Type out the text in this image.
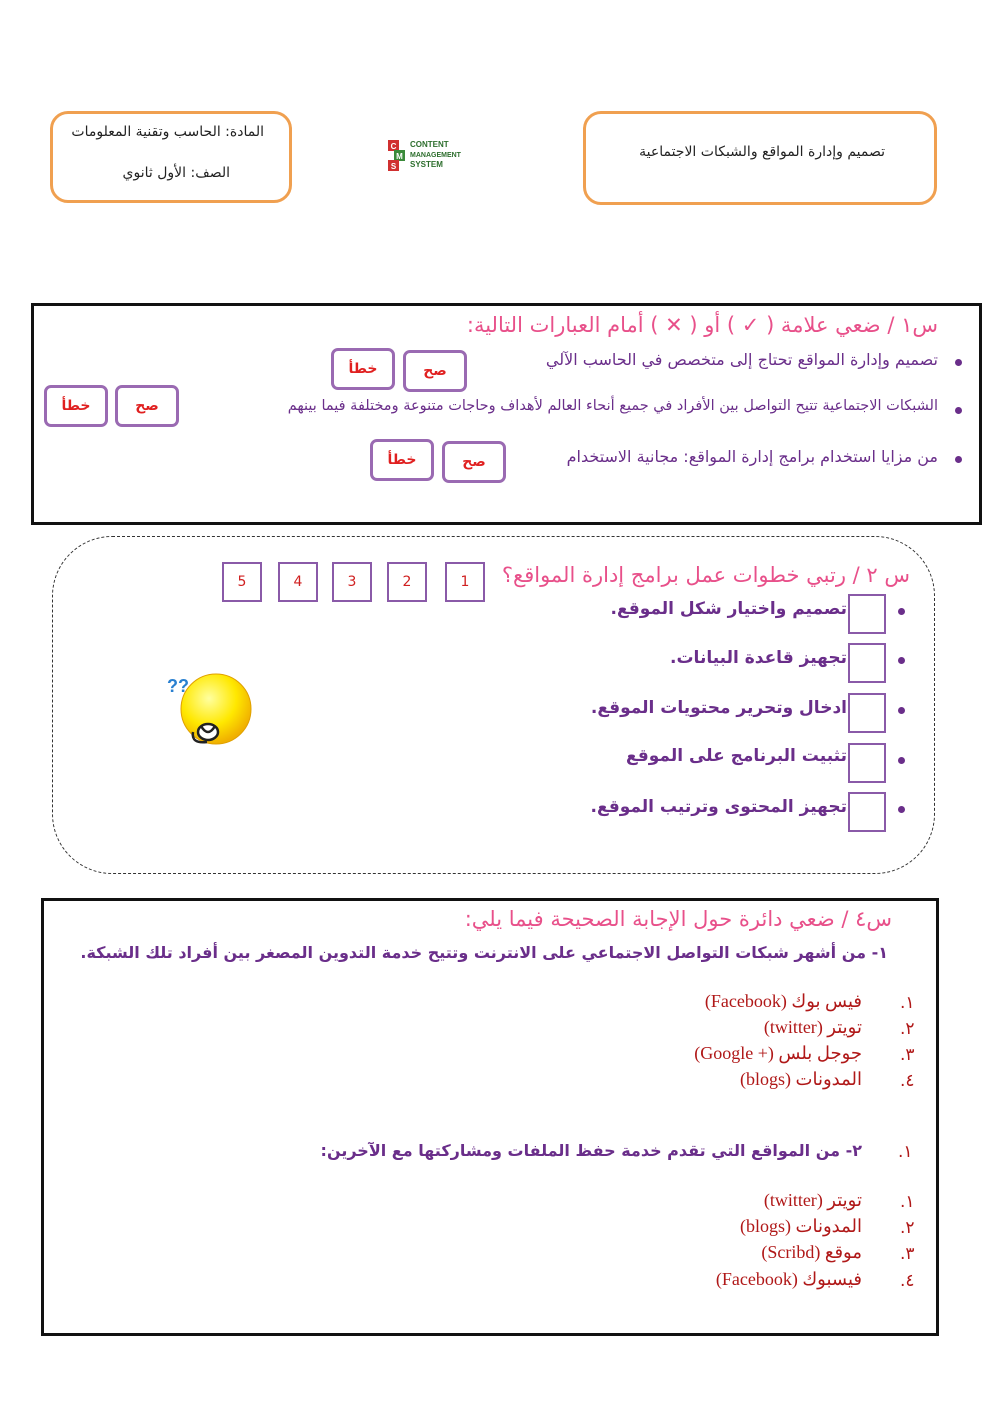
تصميم وإدارة المواقع والشبكات الاجتماعية
المادة: الحاسب وتقنية المعلومات
الصف: الأول ثانوي
C
M
S
CONTENT
MANAGEMENT
SYSTEM
س١ / ضعي علامة ( ✓ ) أو ( ✕ ) أمام العبارات التالية:
تصميم وإدارة المواقع تحتاج إلى متخصص في الحاسب الآلي
صح
خطأ
الشبكات الاجتماعية تتيح التواصل بين الأفراد في جميع أنحاء العالم لأهداف وحاجات متنوعة ومختلفة فيما بينهم
صح
خطأ
من مزايا استخدام برامج إدارة المواقع: مجانية الاستخدام
صح
خطأ
س ٢ / رتبي خطوات عمل برامج إدارة المواقع؟
1
2
3
4
5
تصميم واختيار شكل الموقع.
تجهيز قاعدة البيانات.
ادخال وتحرير محتويات الموقع.
تثبيت البرنامج على الموقع
تجهيز المحتوى وترتيب الموقع.
??
س٤ / ضعي دائرة حول الإجابة الصحيحة فيما يلي:
١- من أشهر شبكات التواصل الاجتماعي على الانترنت وتتيح خدمة التدوين المصغر بين أفراد تلك الشبكة.
.١
فيس بوك (Facebook)
.٢
تويتر (twitter)
.٣
جوجل بلس (+ Google)
.٤
المدونات (blogs)
.١
٢- من المواقع التي تقدم خدمة حفظ الملفات ومشاركتها مع الآخرين:
.١
تويتر (twitter)
.٢
المدونات (blogs)
.٣
موقع (Scribd)
.٤
فيسبوك (Facebook)
